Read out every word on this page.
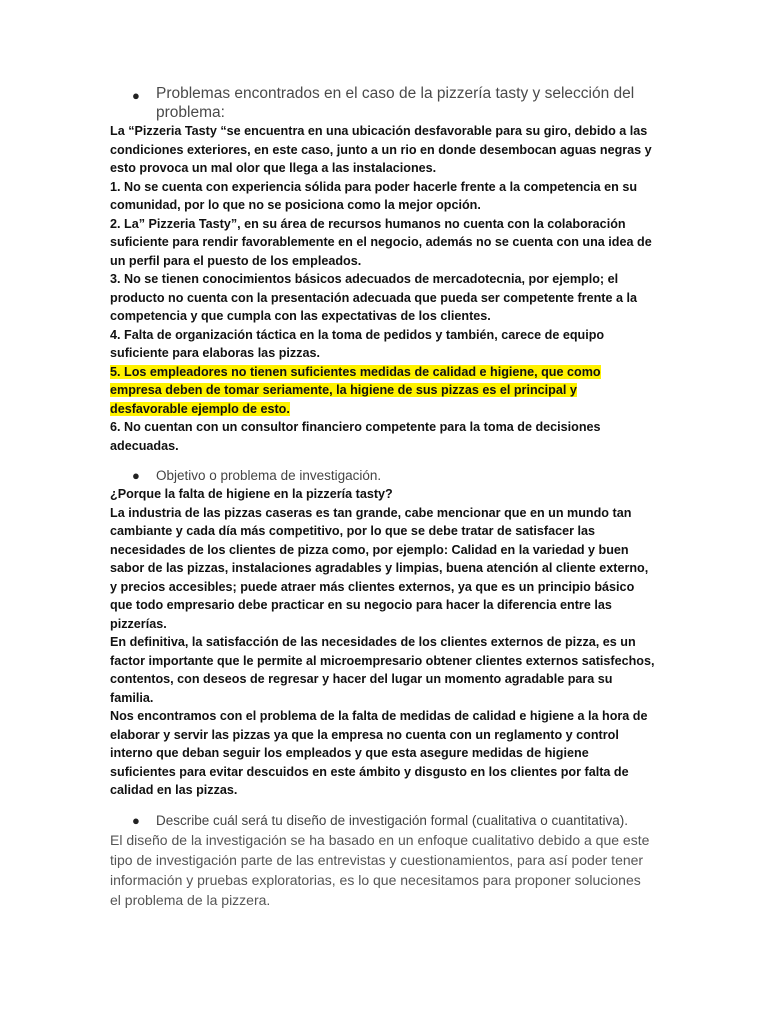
● Problemas encontrados en el caso de la pizzería tasty y selección del problema:

La “Pizzeria Tasty “se encuentra en una ubicación desfavorable para su giro, debido a las condiciones exteriores, en este caso, junto a un rio en donde desembocan aguas negras y esto provoca un mal olor que llega a las instalaciones.

1. No se cuenta con experiencia sólida para poder hacerle frente a la competencia en su comunidad, por lo que no se posiciona como la mejor opción.

2. La” Pizzeria Tasty”, en su área de recursos humanos no cuenta con la colaboración suficiente para rendir favorablemente en el negocio, además no se cuenta con una idea de un perfil para el puesto de los empleados.

3. No se tienen conocimientos básicos adecuados de mercadotecnia, por ejemplo; el producto no cuenta con la presentación adecuada que pueda ser competente frente a la competencia y que cumpla con las expectativas de los clientes.

4. Falta de organización táctica en la toma de pedidos y también, carece de equipo suficiente para elaboras las pizzas.

5. Los empleadores no tienen suficientes medidas de calidad e higiene, que como empresa deben de tomar seriamente, la higiene de sus pizzas es el principal y desfavorable ejemplo de esto.

6. No cuentan con un consultor financiero competente para la toma de decisiones adecuadas.

● Objetivo o problema de investigación.

¿Porque la falta de higiene en la pizzería tasty?

La industria de las pizzas caseras es tan grande, cabe mencionar que en un mundo tan cambiante y cada día más competitivo, por lo que se debe tratar de satisfacer las necesidades de los clientes de pizza como, por ejemplo: Calidad en la variedad y buen sabor de las pizzas, instalaciones agradables y limpias, buena atención al cliente externo, y precios accesibles; puede atraer más clientes externos, ya que es un principio básico que todo empresario debe practicar en su negocio para hacer la diferencia entre las pizzerías.

En definitiva, la satisfacción de las necesidades de los clientes externos de pizza, es un factor importante que le permite al microempresario obtener clientes externos satisfechos, contentos, con deseos de regresar y hacer del lugar un momento agradable para su familia.

Nos encontramos con el problema de la falta de medidas de calidad e higiene a la hora de elaborar y servir las pizzas ya que la empresa no cuenta con un reglamento y control interno que deban seguir los empleados y que esta asegure medidas de higiene suficientes para evitar descuidos en este ámbito y disgusto en los clientes por falta de calidad en las pizzas.

● Describe cuál será tu diseño de investigación formal (cualitativa o cuantitativa).

El diseño de la investigación se ha basado en un enfoque cualitativo debido a que este tipo de investigación parte de las entrevistas y cuestionamientos, para así poder tener información y pruebas exploratorias, es lo que necesitamos para proponer soluciones el problema de la pizzera.
